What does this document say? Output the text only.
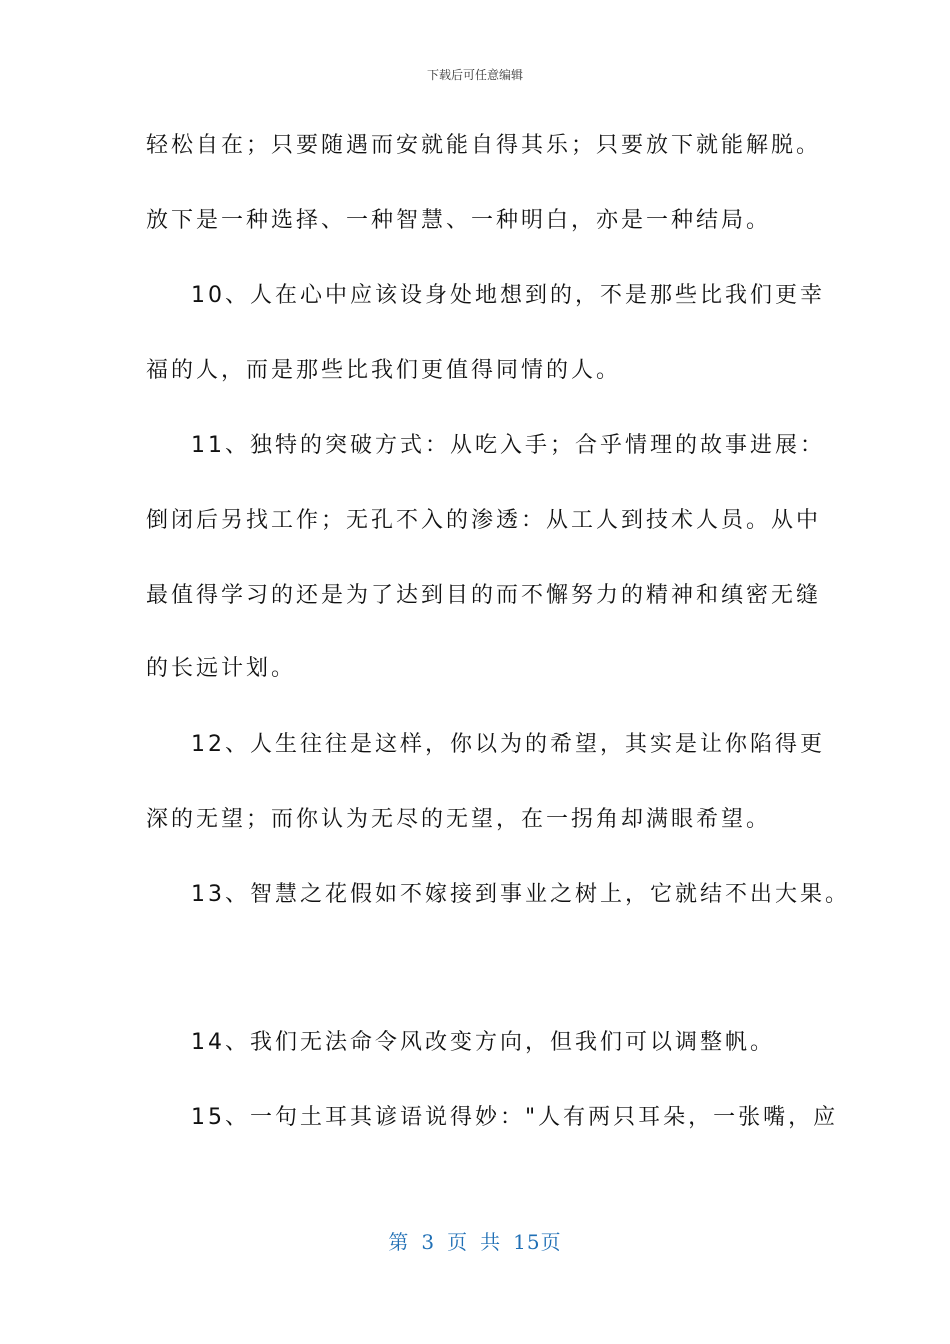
下载后可任意编辑
轻松自在；只要随遇而安就能自得其乐；只要放下就能解脱。
放下是一种选择、一种智慧、一种明白，亦是一种结局。
10、人在心中应该设身处地想到的，不是那些比我们更幸
福的人，而是那些比我们更值得同情的人。
11、独特的突破方式：从吃入手；合乎情理的故事进展：
倒闭后另找工作；无孔不入的渗透：从工人到技术人员。从中
最值得学习的还是为了达到目的而不懈努力的精神和缜密无缝
的长远计划。
12、人生往往是这样，你以为的希望，其实是让你陷得更
深的无望；而你认为无尽的无望，在一拐角却满眼希望。
13、智慧之花假如不嫁接到事业之树上，它就结不出大果。
14、我们无法命令风改变方向，但我们可以调整帆。
15、一句土耳其谚语说得妙："人有两只耳朵，一张嘴，应
第 3 页 共 15页
